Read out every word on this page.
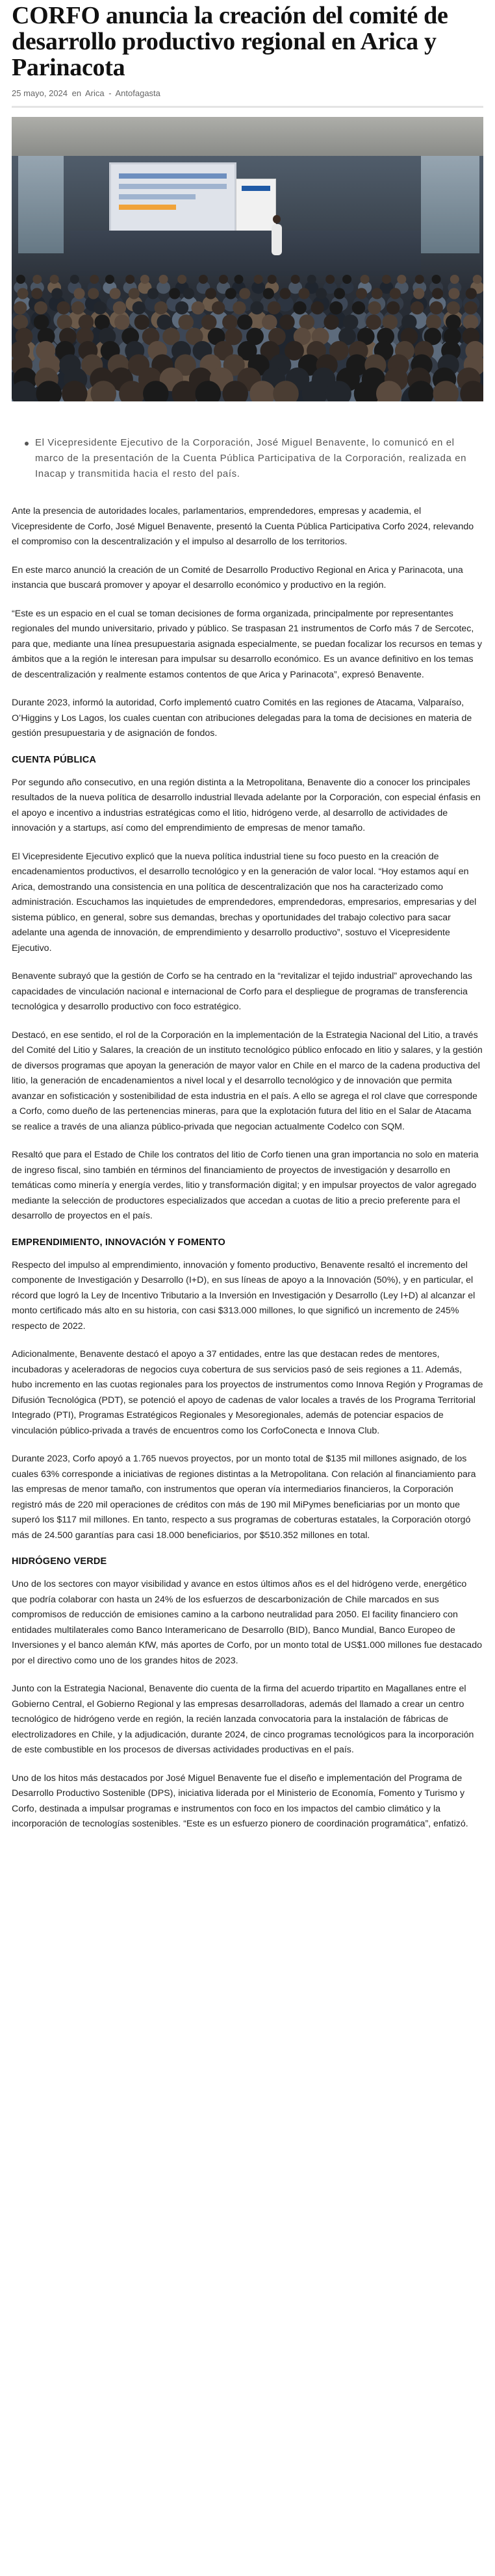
CORFO anuncia la creación del comité de desarrollo productivo regional en Arica y Parinacota
25 mayo, 2024 en Arica - Antofagasta
El Vicepresidente Ejecutivo de la Corporación, José Miguel Benavente, lo comunicó en el marco de la presentación de la Cuenta Pública Participativa de la Corporación, realizada en Inacap y transmitida hacia el resto del país.

Ante la presencia de autoridades locales, parlamentarios, emprendedores, empresas y academia, el Vicepresidente de Corfo, José Miguel Benavente, presentó la Cuenta Pública Participativa Corfo 2024, relevando el compromiso con la descentralización y el impulso al desarrollo de los territorios.

En este marco anunció la creación de un Comité de Desarrollo Productivo Regional en Arica y Parinacota, una instancia que buscará promover y apoyar el desarrollo económico y productivo en la región.

“Este es un espacio en el cual se toman decisiones de forma organizada, principalmente por representantes regionales del mundo universitario, privado y público. Se traspasan 21 instrumentos de Corfo más 7 de Sercotec, para que, mediante una línea presupuestaria asignada especialmente, se puedan focalizar los recursos en temas y ámbitos que a la región le interesan para impulsar su desarrollo económico. Es un avance definitivo en los temas de descentralización y realmente estamos contentos de que Arica y Parinacota”, expresó Benavente.

Durante 2023, informó la autoridad, Corfo implementó cuatro Comités en las regiones de Atacama, Valparaíso, O’Higgins y Los Lagos, los cuales cuentan con atribuciones delegadas para la toma de decisiones en materia de gestión presupuestaria y de asignación de fondos.

CUENTA PÚBLICA

Por segundo año consecutivo, en una región distinta a la Metropolitana, Benavente dio a conocer los principales resultados de la nueva política de desarrollo industrial llevada adelante por la Corporación, con especial énfasis en el apoyo e incentivo a industrias estratégicas como el litio, hidrógeno verde, al desarrollo de actividades de innovación y a startups, así como del emprendimiento de empresas de menor tamaño.

El Vicepresidente Ejecutivo explicó que la nueva política industrial tiene su foco puesto en la creación de encadenamientos productivos, el desarrollo tecnológico y en la generación de valor local. “Hoy estamos aquí en Arica, demostrando una consistencia en una política de descentralización que nos ha caracterizado como administración. Escuchamos las inquietudes de emprendedores, emprendedoras, empresarios, empresarias y del sistema público, en general, sobre sus demandas, brechas y oportunidades del trabajo colectivo para sacar adelante una agenda de innovación, de emprendimiento y desarrollo productivo”, sostuvo el Vicepresidente Ejecutivo.

Benavente subrayó que la gestión de Corfo se ha centrado en la “revitalizar el tejido industrial” aprovechando las capacidades de vinculación nacional e internacional de Corfo para el despliegue de programas de transferencia tecnológica y desarrollo productivo con foco estratégico.

Destacó, en ese sentido, el rol de la Corporación en la implementación de la Estrategia Nacional del Litio, a través del Comité del Litio y Salares, la creación de un instituto tecnológico público enfocado en litio y salares, y la gestión de diversos programas que apoyan la generación de mayor valor en Chile en el marco de la cadena productiva del litio, la generación de encadenamientos a nivel local y el desarrollo tecnológico y de innovación que permita avanzar en sofisticación y sostenibilidad de esta industria en el país. A ello se agrega el rol clave que corresponde a Corfo, como dueño de las pertenencias mineras, para que la explotación futura del litio en el Salar de Atacama se realice a través de una alianza público-privada que negocian actualmente Codelco con SQM.

Resaltó que para el Estado de Chile los contratos del litio de Corfo tienen una gran importancia no solo en materia de ingreso fiscal, sino también en términos del financiamiento de proyectos de investigación y desarrollo en temáticas como minería y energía verdes, litio y transformación digital; y en impulsar proyectos de valor agregado mediante la selección de productores especializados que accedan a cuotas de litio a precio preferente para el desarrollo de proyectos en el país.

EMPRENDIMIENTO, INNOVACIÓN Y FOMENTO

Respecto del impulso al emprendimiento, innovación y fomento productivo, Benavente resaltó el incremento del componente de Investigación y Desarrollo (I+D), en sus líneas de apoyo a la Innovación (50%), y en particular, el récord que logró la Ley de Incentivo Tributario a la Inversión en Investigación y Desarrollo (Ley I+D) al alcanzar el monto certificado más alto en su historia, con casi $313.000 millones, lo que significó un incremento de 245% respecto de 2022.

Adicionalmente, Benavente destacó el apoyo a 37 entidades, entre las que destacan redes de mentores, incubadoras y aceleradoras de negocios cuya cobertura de sus servicios pasó de seis regiones a 11. Además, hubo incremento en las cuotas regionales para los proyectos de instrumentos como Innova Región y Programas de Difusión Tecnológica (PDT), se potenció el apoyo de cadenas de valor locales a través de los Programa Territorial Integrado (PTI), Programas Estratégicos Regionales y Mesoregionales, además de potenciar espacios de vinculación público-privada a través de encuentros como los CorfoConecta e Innova Club.

Durante 2023, Corfo apoyó a 1.765 nuevos proyectos, por un monto total de $135 mil millones asignado, de los cuales 63% corresponde a iniciativas de regiones distintas a la Metropolitana. Con relación al financiamiento para las empresas de menor tamaño, con instrumentos que operan vía intermediarios financieros, la Corporación registró más de 220 mil operaciones de créditos con más de 190 mil MiPymes beneficiarias por un monto que superó los $117 mil millones. En tanto, respecto a sus programas de coberturas estatales, la Corporación otorgó más de 24.500 garantías para casi 18.000 beneficiarios, por $510.352 millones en total.

HIDRÓGENO VERDE

Uno de los sectores con mayor visibilidad y avance en estos últimos años es el del hidrógeno verde, energético que podría colaborar con hasta un 24% de los esfuerzos de descarbonización de Chile marcados en sus compromisos de reducción de emisiones camino a la carbono neutralidad para 2050. El facility financiero con entidades multilaterales como Banco Interamericano de Desarrollo (BID), Banco Mundial, Banco Europeo de Inversiones y el banco alemán KfW, más aportes de Corfo, por un monto total de US$1.000 millones fue destacado por el directivo como uno de los grandes hitos de 2023.

Junto con la Estrategia Nacional, Benavente dio cuenta de la firma del acuerdo tripartito en Magallanes entre el Gobierno Central, el Gobierno Regional y las empresas desarrolladoras, además del llamado a crear un centro tecnológico de hidrógeno verde en región, la recién lanzada convocatoria para la instalación de fábricas de electrolizadores en Chile, y la adjudicación, durante 2024, de cinco programas tecnológicos para la incorporación de este combustible en los procesos de diversas actividades productivas en el país.

Uno de los hitos más destacados por José Miguel Benavente fue el diseño e implementación del Programa de Desarrollo Productivo Sostenible (DPS), iniciativa liderada por el Ministerio de Economía, Fomento y Turismo y Corfo, destinada a impulsar programas e instrumentos con foco en los impactos del cambio climático y la incorporación de tecnologías sostenibles. “Este es un esfuerzo pionero de coordinación programática”, enfatizó.
